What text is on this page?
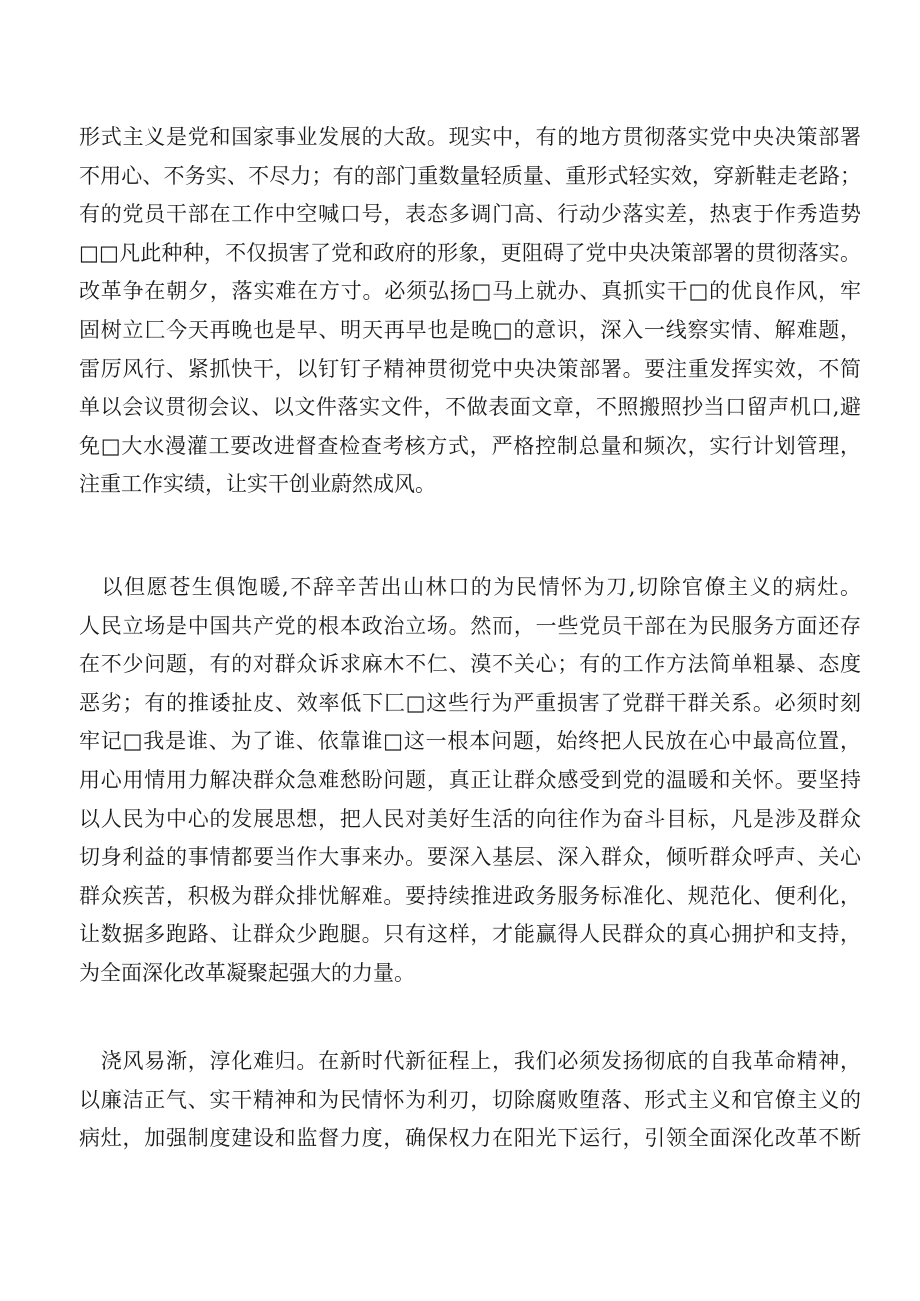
形式主义是党和国家事业发展的大敌。现实中，有的地方贯彻落实党中央决策部署
不用心、不务实、不尽力；有的部门重数量轻质量、重形式轻实效，穿新鞋走老路；
有的党员干部在工作中空喊口号，表态多调门高、行动少落实差，热衷于作秀造势
□□凡此种种，不仅损害了党和政府的形象，更阻碍了党中央决策部署的贯彻落实。
改革争在朝夕，落实难在方寸。必须弘扬□马上就办、真抓实干□的优良作风，牢
固树立匚今天再晚也是早、明天再早也是晚□的意识，深入一线察实情、解难题，
雷厉风行、紧抓快干，以钉钉子精神贯彻党中央决策部署。要注重发挥实效，不简
单以会议贯彻会议、以文件落实文件，不做表面文章，不照搬照抄当口留声机口,避
免□大水漫灌工要改进督查检查考核方式，严格控制总量和频次，实行计划管理，
注重工作实绩，让实干创业蔚然成风。
　以但愿苍生俱饱暖,不辞辛苦出山林口的为民情怀为刀,切除官僚主义的病灶。
人民立场是中国共产党的根本政治立场。然而，一些党员干部在为民服务方面还存
在不少问题，有的对群众诉求麻木不仁、漠不关心；有的工作方法简单粗暴、态度
恶劣；有的推诿扯皮、效率低下匚□这些行为严重损害了党群干群关系。必须时刻
牢记□我是谁、为了谁、依靠谁□这一根本问题，始终把人民放在心中最高位置，
用心用情用力解决群众急难愁盼问题，真正让群众感受到党的温暖和关怀。要坚持
以人民为中心的发展思想，把人民对美好生活的向往作为奋斗目标，凡是涉及群众
切身利益的事情都要当作大事来办。要深入基层、深入群众，倾听群众呼声、关心
群众疾苦，积极为群众排忧解难。要持续推进政务服务标准化、规范化、便利化，
让数据多跑路、让群众少跑腿。只有这样，才能赢得人民群众的真心拥护和支持，
为全面深化改革凝聚起强大的力量。
　浇风易渐，淳化难归。在新时代新征程上，我们必须发扬彻底的自我革命精神，
以廉洁正气、实干精神和为民情怀为利刃，切除腐败堕落、形式主义和官僚主义的
病灶，加强制度建设和监督力度，确保权力在阳光下运行，引领全面深化改革不断
